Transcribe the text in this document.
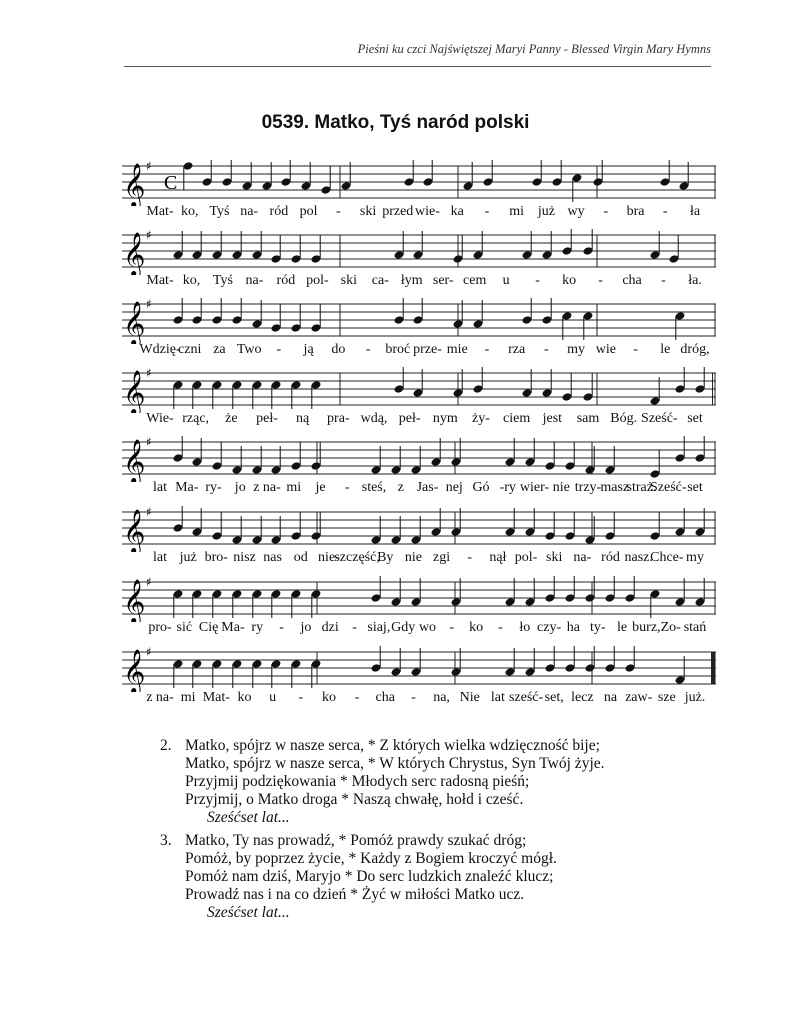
Pieśni ku czci Najświętszej Maryi Panny - Blessed Virgin Mary Hymns
0539. Matko, Tyś naród polski
𝄞 ♯
C
Mat- ko, Tyś na- ród pol - ski przed wie- ka - mi już wy - bra - ła
𝄞 ♯
Mat- ko, Tyś na- ród pol- ski ca- łym ser- cem u - ko - cha - ła.
𝄞 ♯
Wdzię-
czni za Two - ją do - broć prze- mie - rza - my wie - le dróg,
𝄞 ♯
Wie- rząc, że peł- ną pra- wdą, peł- nym ży- ciem jest sam Bóg. Sześć- set
𝄞 ♯
lat Ma- ry- jo z na- mi je - steś, z Jas- nej Gó -ry wier- nie trzy- masz
straż.
Sześć- set
𝄞 ♯
lat już bro- nisz nas od nie-
szczęść,
By nie zgi - nął pol- ski na- ród nasz.
Chce- my
𝄞 ♯
pro- sić Cię Ma- ry - jo dzi - siaj, Gdy wo - ko - ło czy- ha ty- le burz, Zo- stań
𝄞 ♯
z na- mi Mat- ko u - ko - cha - na, Nie lat sześć- set, lecz na zaw- sze już.
2. Matko, spójrz w nasze serca, * Z których wielka wdzięczność bije;
Matko, spójrz w nasze serca, * W których Chrystus, Syn Twój żyje.
Przyjmij podziękowania * Młodych serc radosną pieśń;
Przyjmij, o Matko droga * Naszą chwałę, hołd i cześć.
Sześćset lat...
3. Matko, Ty nas prowadź, * Pomóż prawdy szukać dróg;
Pomóż, by poprzez życie, * Każdy z Bogiem kroczyć mógł.
Pomóż nam dziś, Maryjo * Do serc ludzkich znaleźć klucz;
Prowadź nas i na co dzień * Żyć w miłości Matko ucz.
Sześćset lat...
